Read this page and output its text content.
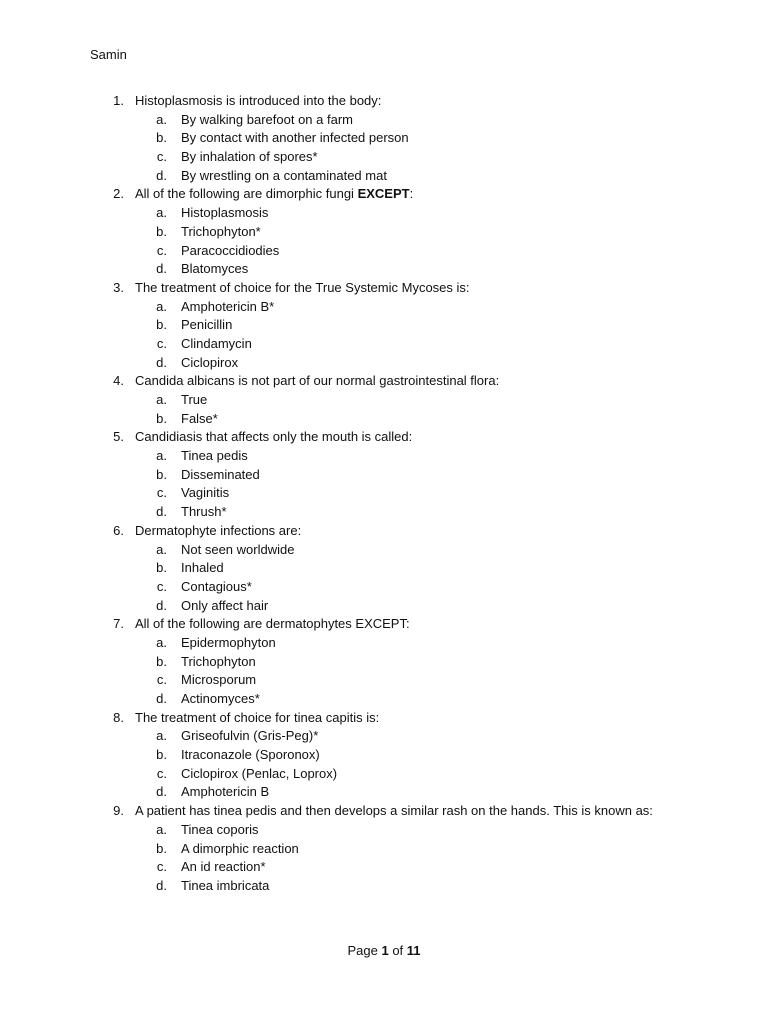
Samin
1. Histoplasmosis is introduced into the body:
a. By walking barefoot on a farm
b. By contact with another infected person
c. By inhalation of spores*
d. By wrestling on a contaminated mat
2. All of the following are dimorphic fungi EXCEPT:
a. Histoplasmosis
b. Trichophyton*
c. Paracoccidiodies
d. Blatomyces
3. The treatment of choice for the True Systemic Mycoses is:
a. Amphotericin B*
b. Penicillin
c. Clindamycin
d. Ciclopirox
4. Candida albicans is not part of our normal gastrointestinal flora:
a. True
b. False*
5. Candidiasis that affects only the mouth is called:
a. Tinea pedis
b. Disseminated
c. Vaginitis
d. Thrush*
6. Dermatophyte infections are:
a. Not seen worldwide
b. Inhaled
c. Contagious*
d. Only affect hair
7. All of the following are dermatophytes EXCEPT:
a. Epidermophyton
b. Trichophyton
c. Microsporum
d. Actinomyces*
8. The treatment of choice for tinea capitis is:
a. Griseofulvin (Gris-Peg)*
b. Itraconazole (Sporonox)
c. Ciclopirox (Penlac, Loprox)
d. Amphotericin B
9. A patient has tinea pedis and then develops a similar rash on the hands. This is known as:
a. Tinea coporis
b. A dimorphic reaction
c. An id reaction*
d. Tinea imbricata
Page 1 of 11
